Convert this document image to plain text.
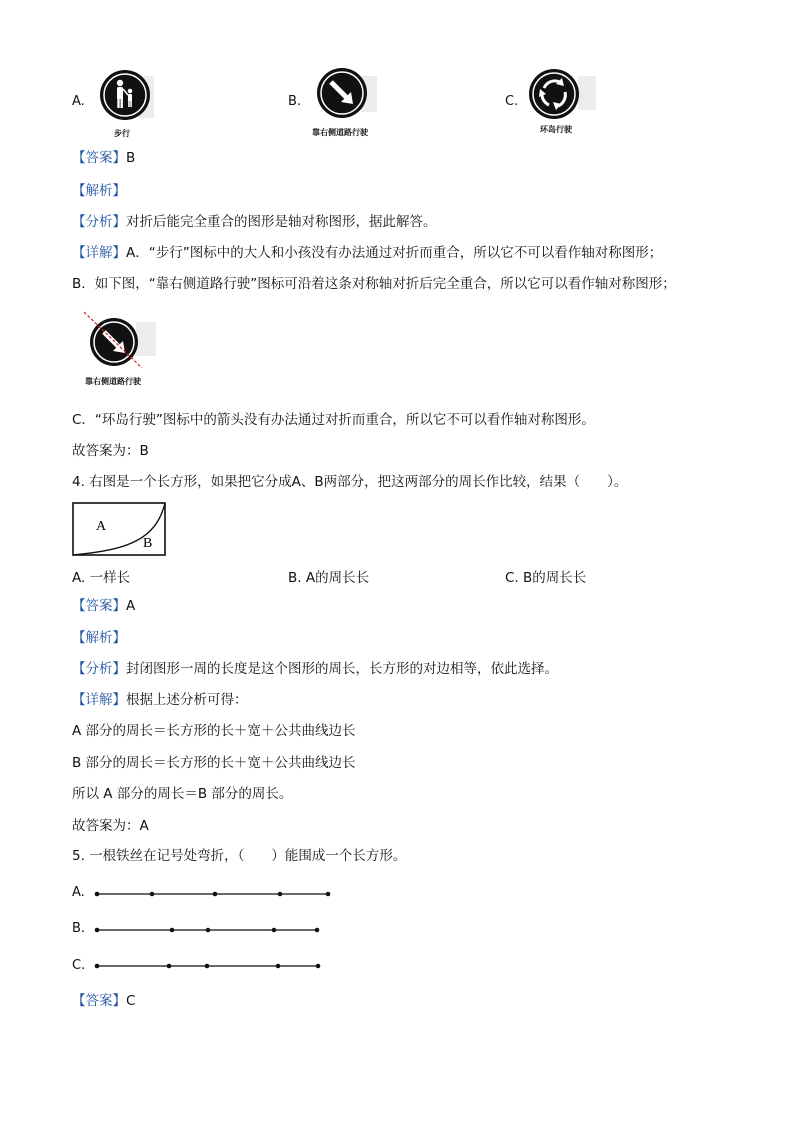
A.
步行
B.
靠右侧道路行驶
C.
环岛行驶
【答案】B
【解析】
【分析】对折后能完全重合的图形是轴对称图形，据此解答。
【详解】A．“步行”图标中的大人和小孩没有办法通过对折而重合，所以它不可以看作轴对称图形；
B．如下图，“靠右侧道路行驶”图标可沿着这条对称轴对折后完全重合，所以它可以看作轴对称图形；
靠右侧道路行驶
C．“环岛行驶”图标中的箭头没有办法通过对折而重合，所以它不可以看作轴对称图形。
故答案为：B
4. 右图是一个长方形，如果把它分成A、B两部分，把这两部分的周长作比较，结果（　　）。
A
B
A. 一样长	B. A的周长长	C. B的周长长
【答案】A
【解析】
【分析】封闭图形一周的长度是这个图形的周长，长方形的对边相等，依此选择。
【详解】根据上述分析可得：
A 部分的周长＝长方形的长＋宽＋公共曲线边长
B 部分的周长＝长方形的长＋宽＋公共曲线边长
所以 A 部分的周长＝B 部分的周长。
故答案为：A
5. 一根铁丝在记号处弯折，（　　）能围成一个长方形。
A.
B.
C.
【答案】C
